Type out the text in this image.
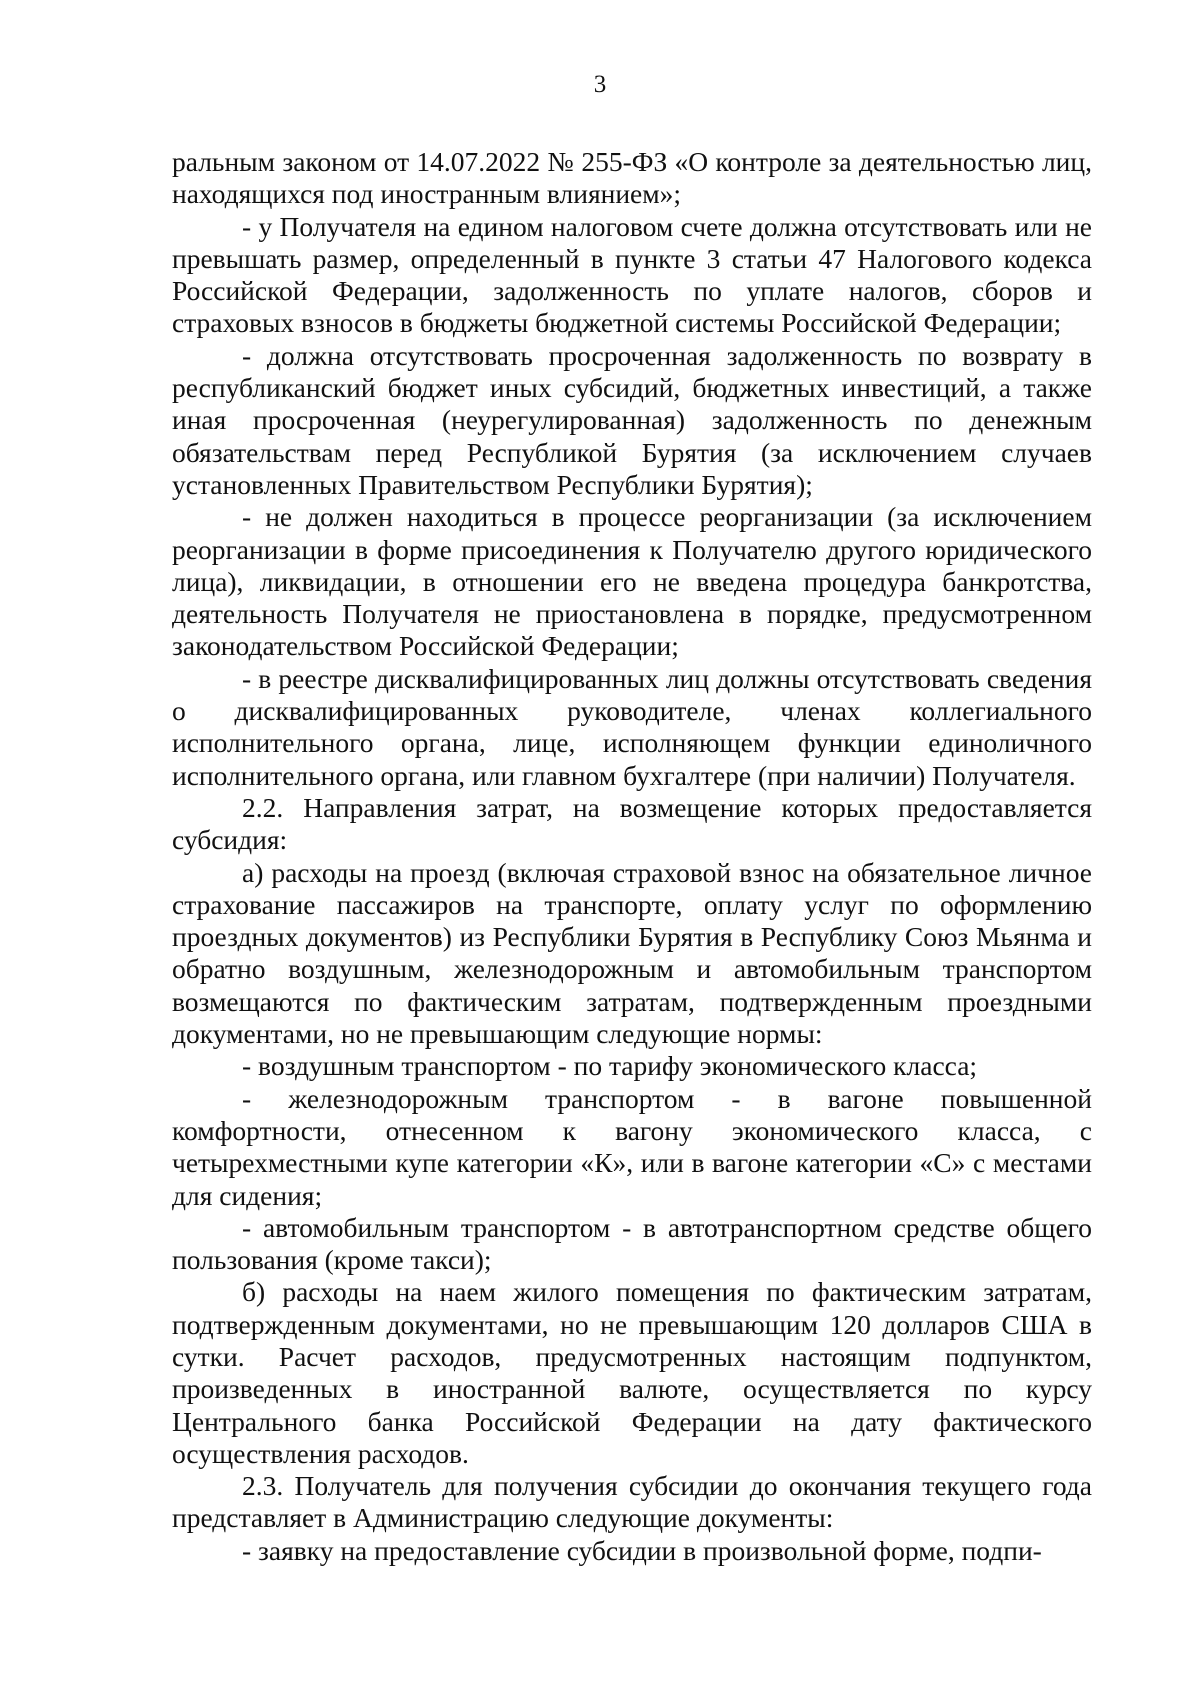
3

ральным законом от 14.07.2022 № 255-ФЗ «О контроле за деятельностью лиц, находящихся под иностранным влиянием»;

- у Получателя на едином налоговом счете должна отсутствовать или не превышать размер, определенный в пункте 3 статьи 47 Налогового кодекса Российской Федерации, задолженность по уплате налогов, сборов и страховых взносов в бюджеты бюджетной системы Российской Федерации;

- должна отсутствовать просроченная задолженность по возврату в республиканский бюджет иных субсидий, бюджетных инвестиций, а также иная просроченная (неурегулированная) задолженность по денежным обязательствам перед Республикой Бурятия (за исключением случаев установленных Правительством Республики Бурятия);

- не должен находиться в процессе реорганизации (за исключением реорганизации в форме присоединения к Получателю другого юридического лица), ликвидации, в отношении его не введена процедура банкротства, деятельность Получателя не приостановлена в порядке, предусмотренном законодательством Российской Федерации;

- в реестре дисквалифицированных лиц должны отсутствовать сведения о дисквалифицированных руководителе, членах коллегиального исполнительного органа, лице, исполняющем функции единоличного исполнительного органа, или главном бухгалтере (при наличии) Получателя.

2.2. Направления затрат, на возмещение которых предоставляется субсидия:

а) расходы на проезд (включая страховой взнос на обязательное личное страхование пассажиров на транспорте, оплату услуг по оформлению проездных документов) из Республики Бурятия в Республику Союз Мьянма и обратно воздушным, железнодорожным и автомобильным транспортом возмещаются по фактическим затратам, подтвержденным проездными документами, но не превышающим следующие нормы:

- воздушным транспортом - по тарифу экономического класса;

- железнодорожным транспортом - в вагоне повышенной комфортности, отнесенном к вагону экономического класса, с четырехместными купе категории «К», или в вагоне категории «С» с местами для сидения;

- автомобильным транспортом - в автотранспортном средстве общего пользования (кроме такси);

б) расходы на наем жилого помещения по фактическим затратам, подтвержденным документами, но не превышающим 120 долларов США в сутки. Расчет расходов, предусмотренных настоящим подпунктом, произведенных в иностранной валюте, осуществляется по курсу Центрального банка Российской Федерации на дату фактического осуществления расходов.

2.3. Получатель для получения субсидии до окончания текущего года представляет в Администрацию следующие документы:

- заявку на предоставление субсидии в произвольной форме, подпи-
